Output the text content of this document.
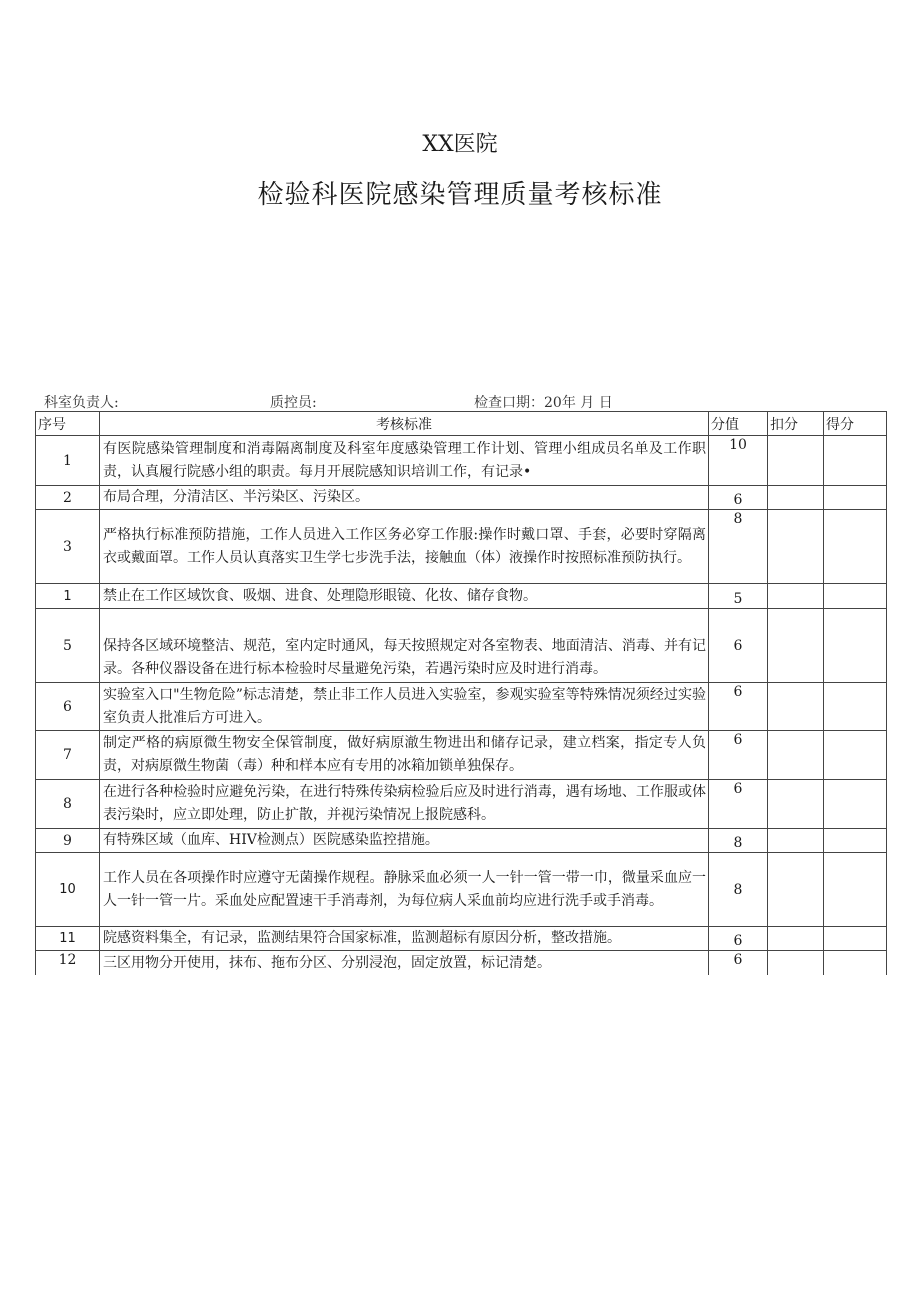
XX医院
检验科医院感染管理质量考核标准
科室负责人:	质控员:	检查口期：20年 月 日
序号	考核标准	分值	扣分	得分
1	有医院感染管理制度和消毒隔离制度及科室年度感染管理工作计划、管理小组成员名单及工作职责，认真履行院感小组的职责。每月开展院感知识培训工作，有记录•	10		
2	布局合理，分清洁区、半污染区、污染区。	6		
3	严格执行标准预防措施，工作人员进入工作区务必穿工作服:操作时戴口罩、手套，必要时穿隔离衣或戴面罩。工作人员认真落实卫生学七步洗手法，接触血（体）液操作时按照标准预防执行。	8		
1	禁止在工作区域饮食、吸烟、进食、处理隐形眼镜、化妆、储存食物。	5		
5	保持各区域环境整洁、规范，室内定时通风，每天按照规定对各室物表、地面清洁、消毒、并有记录。各种仪器设备在进行标本检验时尽量避免污染，若遇污染时应及时进行消毒。	6		
6	实验室入口"生物危险”标志清楚，禁止非工作人员进入实验室，参观实验室等特殊情况须经过实验室负责人批准后方可进入。	6		
7	制定严格的病原微生物安全保管制度，做好病原澈生物进出和储存记录，建立档案，指定专人负责，对病原微生物菌（毒）种和样本应有专用的冰箱加锁单独保存。	6		
8	在进行各种检验时应避免污染，在进行特殊传染病检验后应及时进行消毒，遇有场地、工作服或体表污染时，应立即处理，防止扩散，并视污染情况上报院感科。	6		
9	有特殊区域（血库、HIV检测点）医院感染监控措施。	8		
10	工作人员在各项操作时应遵守无菌操作规程。静脉采血必须一人一针一管一带一巾，微量采血应一人一针一管一片。采血处应配置速干手消毒剂，为每位病人采血前均应进行洗手或手消毒。	8		
11	院感资料集全，有记录，监测结果符合国家标准，监测超标有原因分析，整改措施。	6		
12	三区用物分开使用，抹布、拖布分区、分别浸泡，固定放置，标记清楚。	6		
